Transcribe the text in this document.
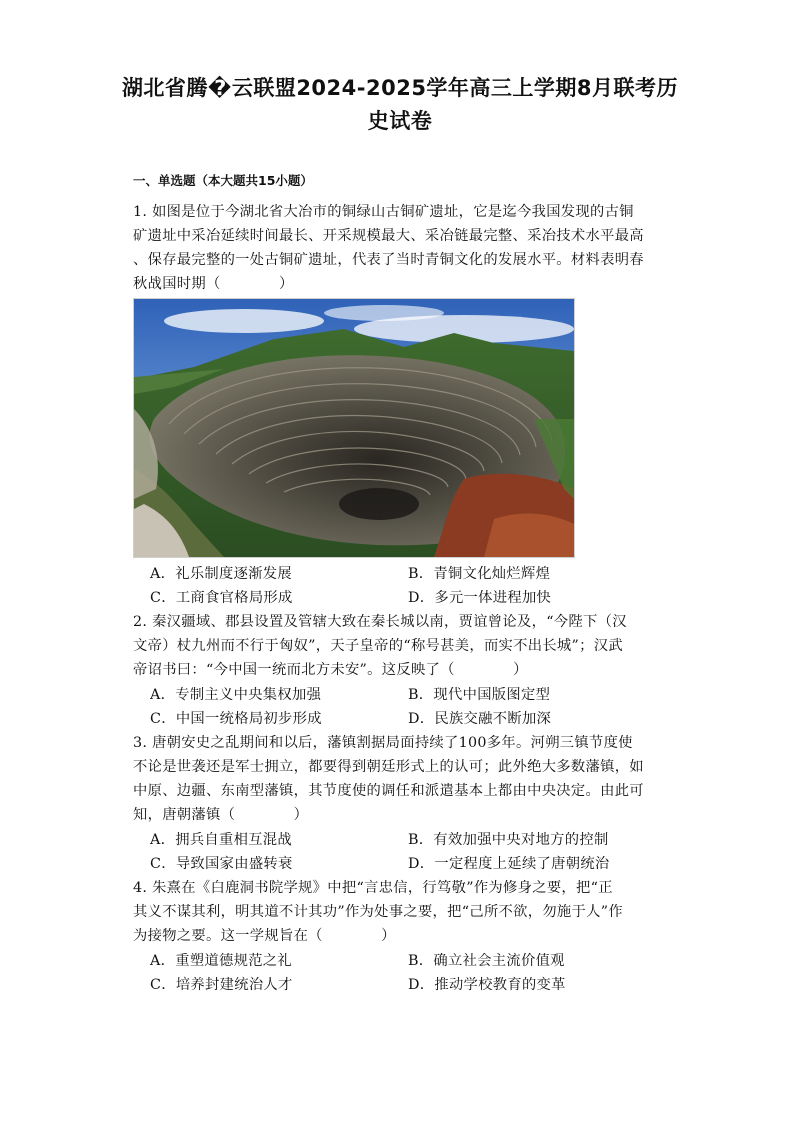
湖北省腾�云联盟2024-2025学年高三上学期8月联考历
史试卷
一、单选题（本大题共15小题）
1. 如图是位于今湖北省大冶市的铜绿山古铜矿遗址，它是迄今我国发现的古铜
矿遗址中采冶延续时间最长、开采规模最大、采冶链最完整、采冶技术水平最高
、保存最完整的一处古铜矿遗址，代表了当时青铜文化的发展水平。材料表明春
秋战国时期（　　　　）
A．礼乐制度逐渐发展	B．青铜文化灿烂辉煌
C．工商食官格局形成	D．多元一体进程加快
2. 秦汉疆域、郡县设置及管辖大致在秦长城以南，贾谊曾论及，“今陛下（汉
文帝）杖九州而不行于匈奴”，天子皇帝的“称号甚美，而实不出长城”；汉武
帝诏书曰：“今中国一统而北方未安”。这反映了（　　　　）
A．专制主义中央集权加强	B．现代中国版图定型
C．中国一统格局初步形成	D．民族交融不断加深
3. 唐朝安史之乱期间和以后，藩镇割据局面持续了100多年。河朔三镇节度使
不论是世袭还是军士拥立，都要得到朝廷形式上的认可；此外绝大多数藩镇，如
中原、边疆、东南型藩镇，其节度使的调任和派遣基本上都由中央决定。由此可
知，唐朝藩镇（　　　　）
A．拥兵自重相互混战	B．有效加强中央对地方的控制
C．导致国家由盛转衰	D．一定程度上延续了唐朝统治
4. 朱熹在《白鹿洞书院学规》中把“言忠信，行笃敬”作为修身之要，把“正
其义不谋其利，明其道不计其功”作为处事之要，把“己所不欲，勿施于人”作
为接物之要。这一学规旨在（　　　　）
A．重塑道德规范之礼	B．确立社会主流价值观
C．培养封建统治人才	D．推动学校教育的变革
